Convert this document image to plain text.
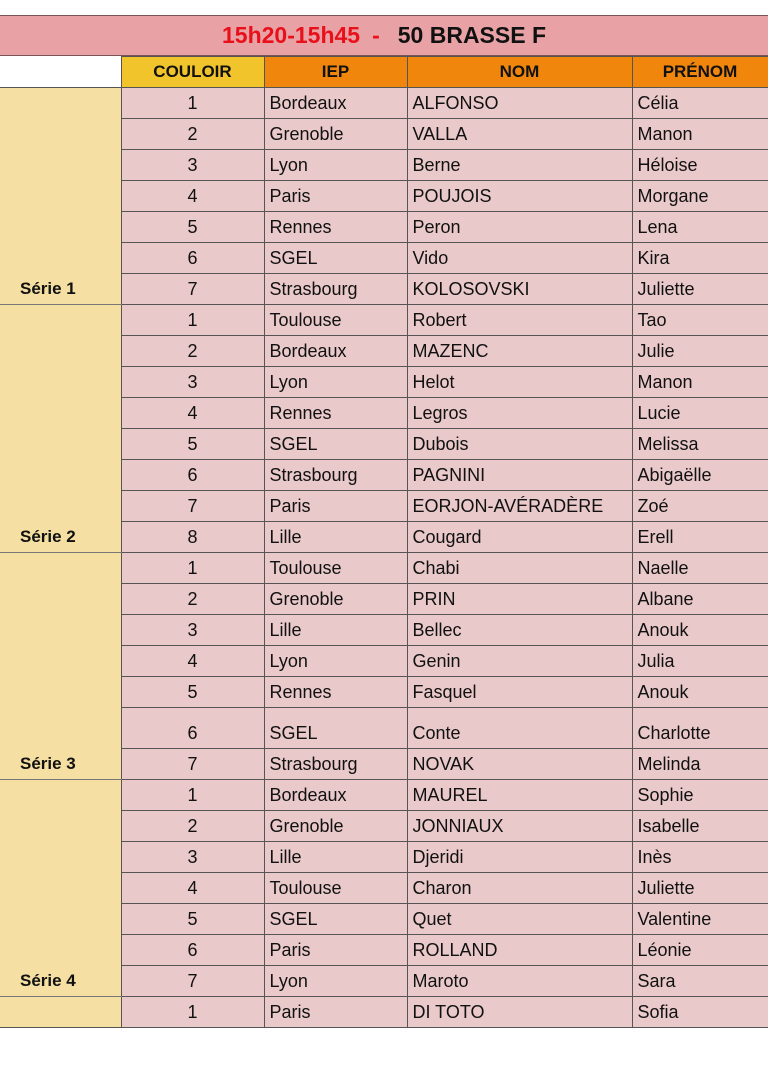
15h20-15h45 - 50 BRASSE F
	COULOIR	IEP	NOM	PRÉNOM
Série 1	1	Bordeaux	ALFONSO	Célia
	2	Grenoble	VALLA	Manon
	3	Lyon	Berne	Héloise
	4	Paris	POUJOIS	Morgane
	5	Rennes	Peron	Lena
	6	SGEL	Vido	Kira
	7	Strasbourg	KOLOSOVSKI	Juliette
Série 2	1	Toulouse	Robert	Tao
	2	Bordeaux	MAZENC	Julie
	3	Lyon	Helot	Manon
	4	Rennes	Legros	Lucie
	5	SGEL	Dubois	Melissa
	6	Strasbourg	PAGNINI	Abigaëlle
	7	Paris	EORJON-AVÉRADÈRE	Zoé
	8	Lille	Cougard	Erell
Série 3	1	Toulouse	Chabi	Naelle
	2	Grenoble	PRIN	Albane
	3	Lille	Bellec	Anouk
	4	Lyon	Genin	Julia
	5	Rennes	Fasquel	Anouk
	6	SGEL	Conte	Charlotte
	7	Strasbourg	NOVAK	Melinda
Série 4	1	Bordeaux	MAUREL	Sophie
	2	Grenoble	JONNIAUX	Isabelle
	3	Lille	Djeridi	Inès
	4	Toulouse	Charon	Juliette
	5	SGEL	Quet	Valentine
	6	Paris	ROLLAND	Léonie
	7	Lyon	Maroto	Sara
	1	Paris	DI TOTO	Sofia
